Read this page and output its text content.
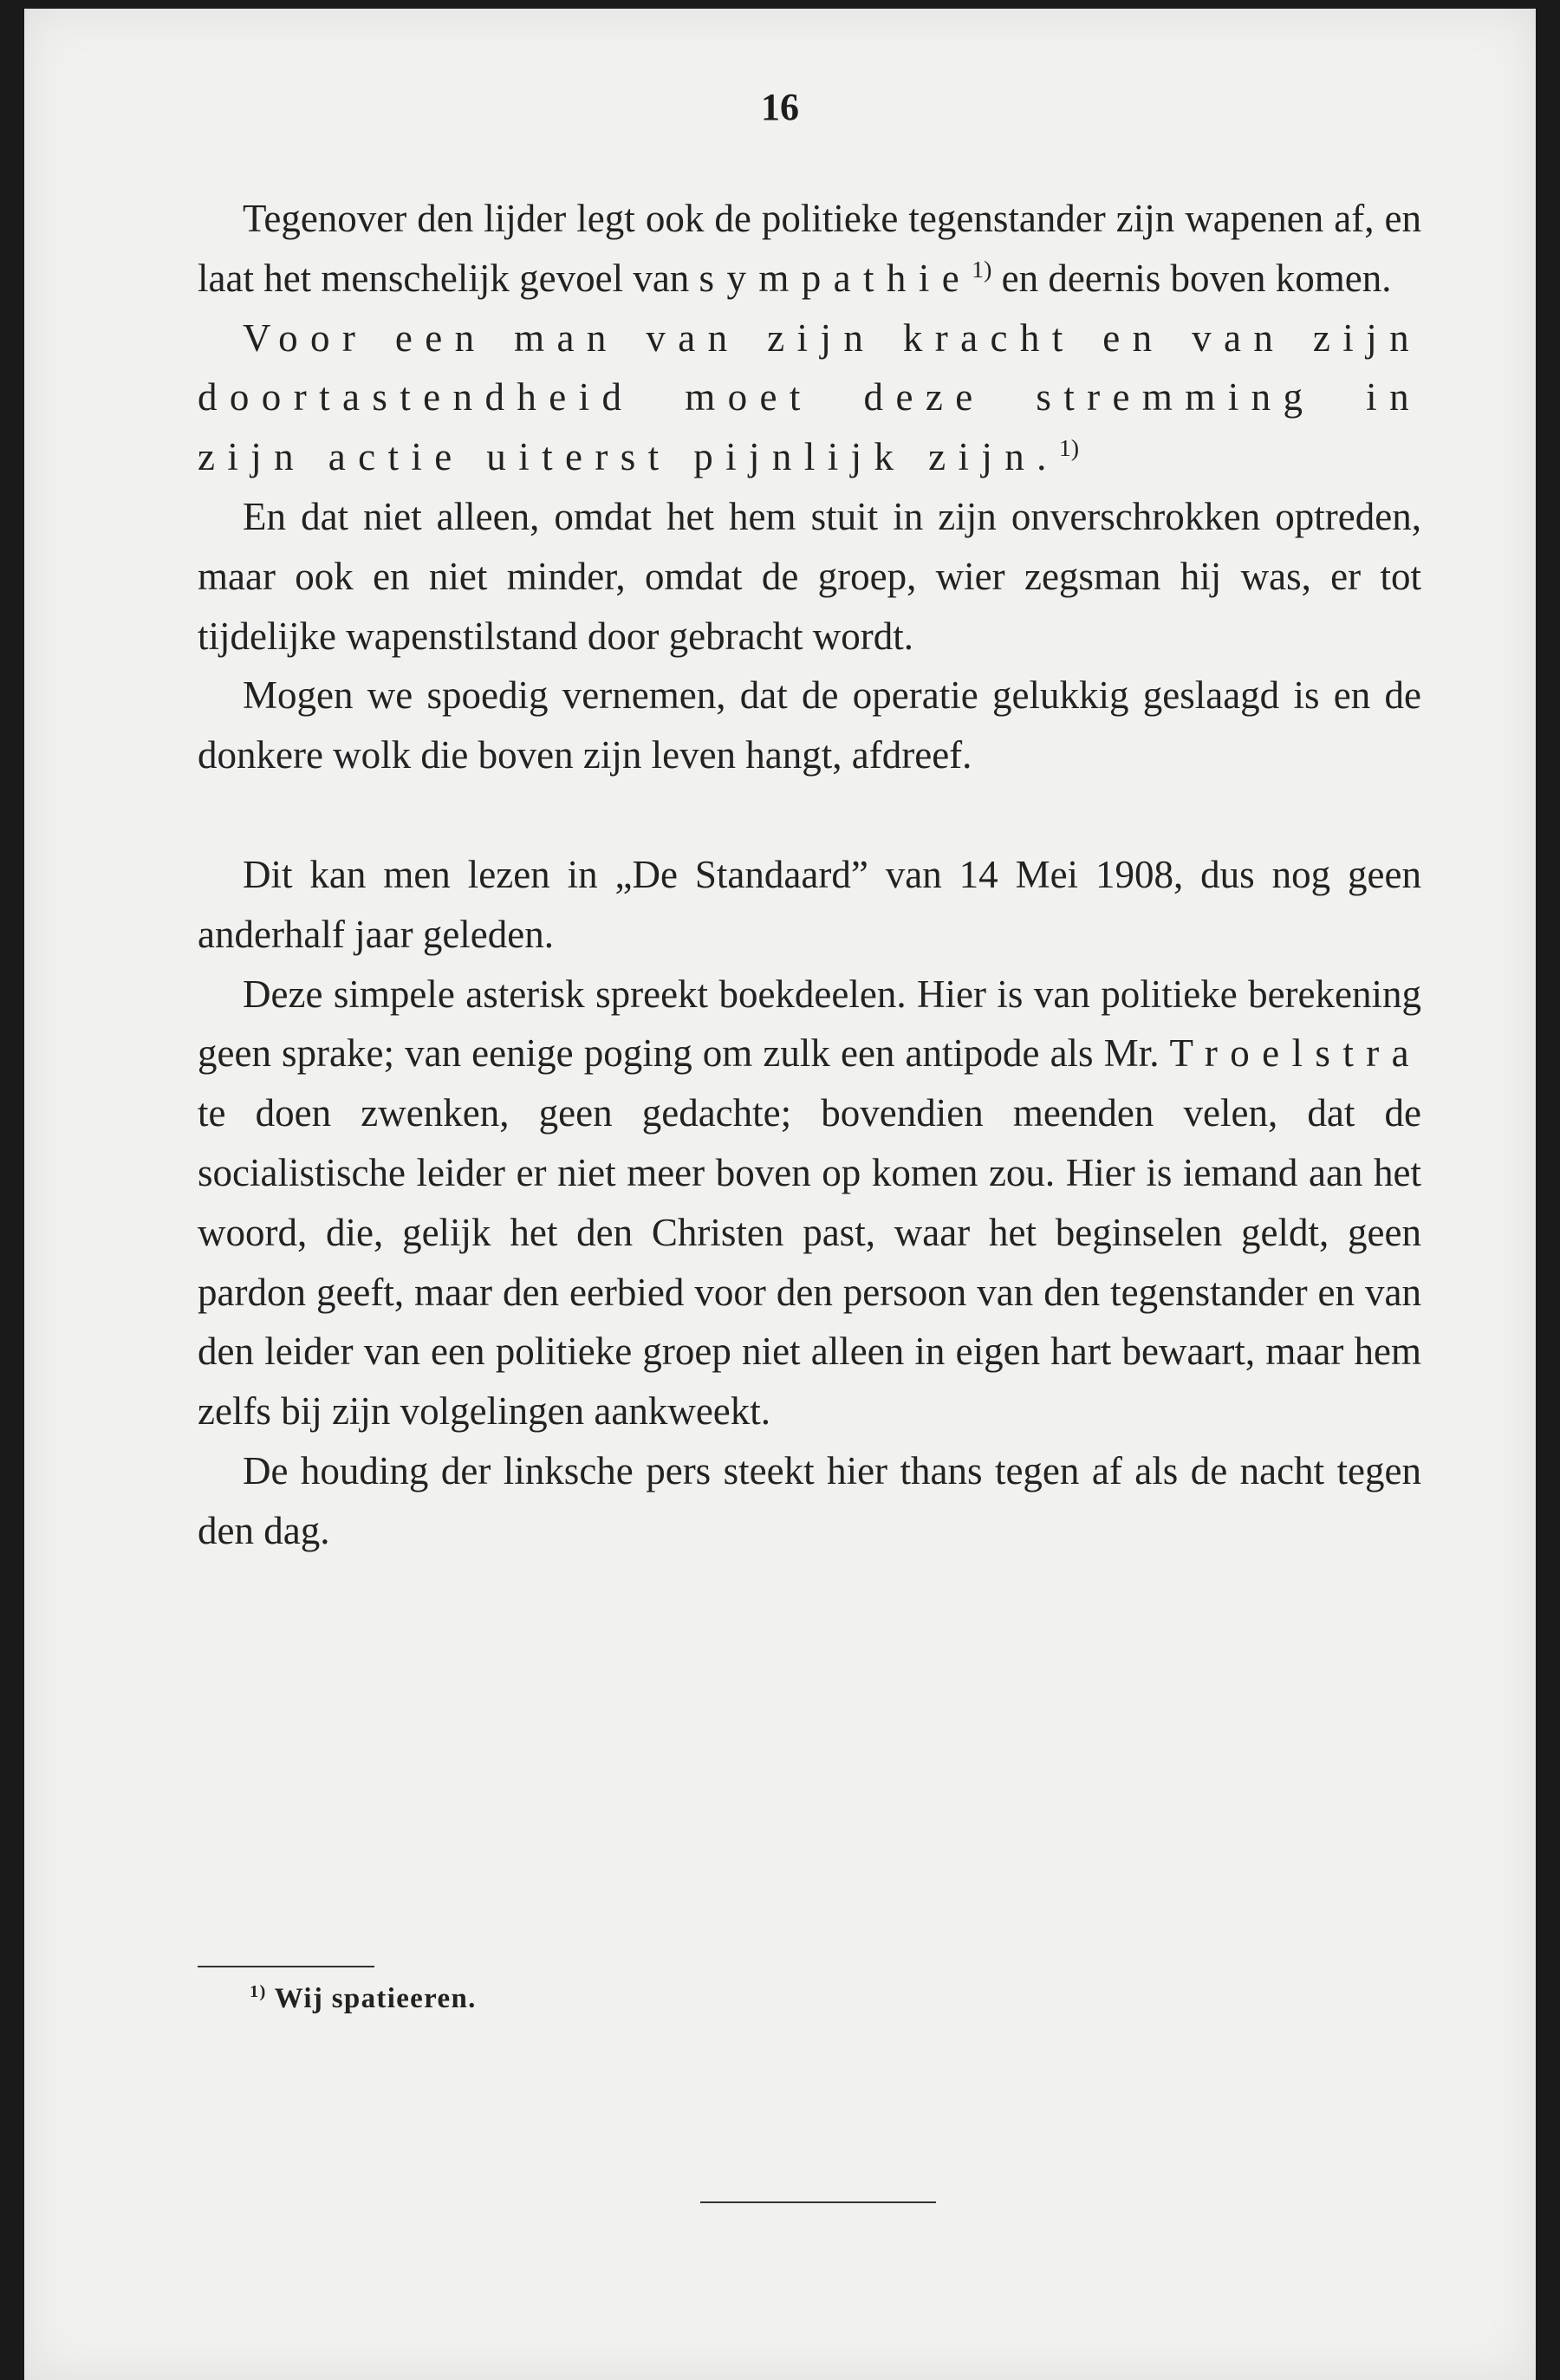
16

Tegenover den lijder legt ook de politieke tegenstander zijn wapenen af, en laat het menschelijk gevoel van sympathie$^{1)}$ en deernis boven komen.

Voor een man van zijn kracht en van zijn doortastendheid moet deze stremming in zijn actie uiterst pijnlijk zijn.$^{1)}$

En dat niet alleen, omdat het hem stuit in zijn onverschrokken optreden, maar ook en niet minder, omdat de groep, wier zegsman hij was, er tot tijdelijke wapenstilstand door gebracht wordt.

Mogen we spoedig vernemen, dat de operatie gelukkig geslaagd is en de donkere wolk die boven zijn leven hangt, afdreef.

Dit kan men lezen in „De Standaard” van 14 Mei 1908, dus nog geen anderhalf jaar geleden.

Deze simpele asterisk spreekt boekdeelen. Hier is van politieke berekening geen sprake; van eenige poging om zulk een antipode als Mr. Troelstra te doen zwenken, geen gedachte; bovendien meenden velen, dat de socialistische leider er niet meer boven op komen zou. Hier is iemand aan het woord, die, gelijk het den Christen past, waar het beginselen geldt, geen pardon geeft, maar den eerbied voor den persoon van den tegenstander en van den leider van een politieke groep niet alleen in eigen hart bewaart, maar hem zelfs bij zijn volgelingen aankweekt.

De houding der linksche pers steekt hier thans tegen af als de nacht tegen den dag.

$^{1)}$ Wij spatieeren.
